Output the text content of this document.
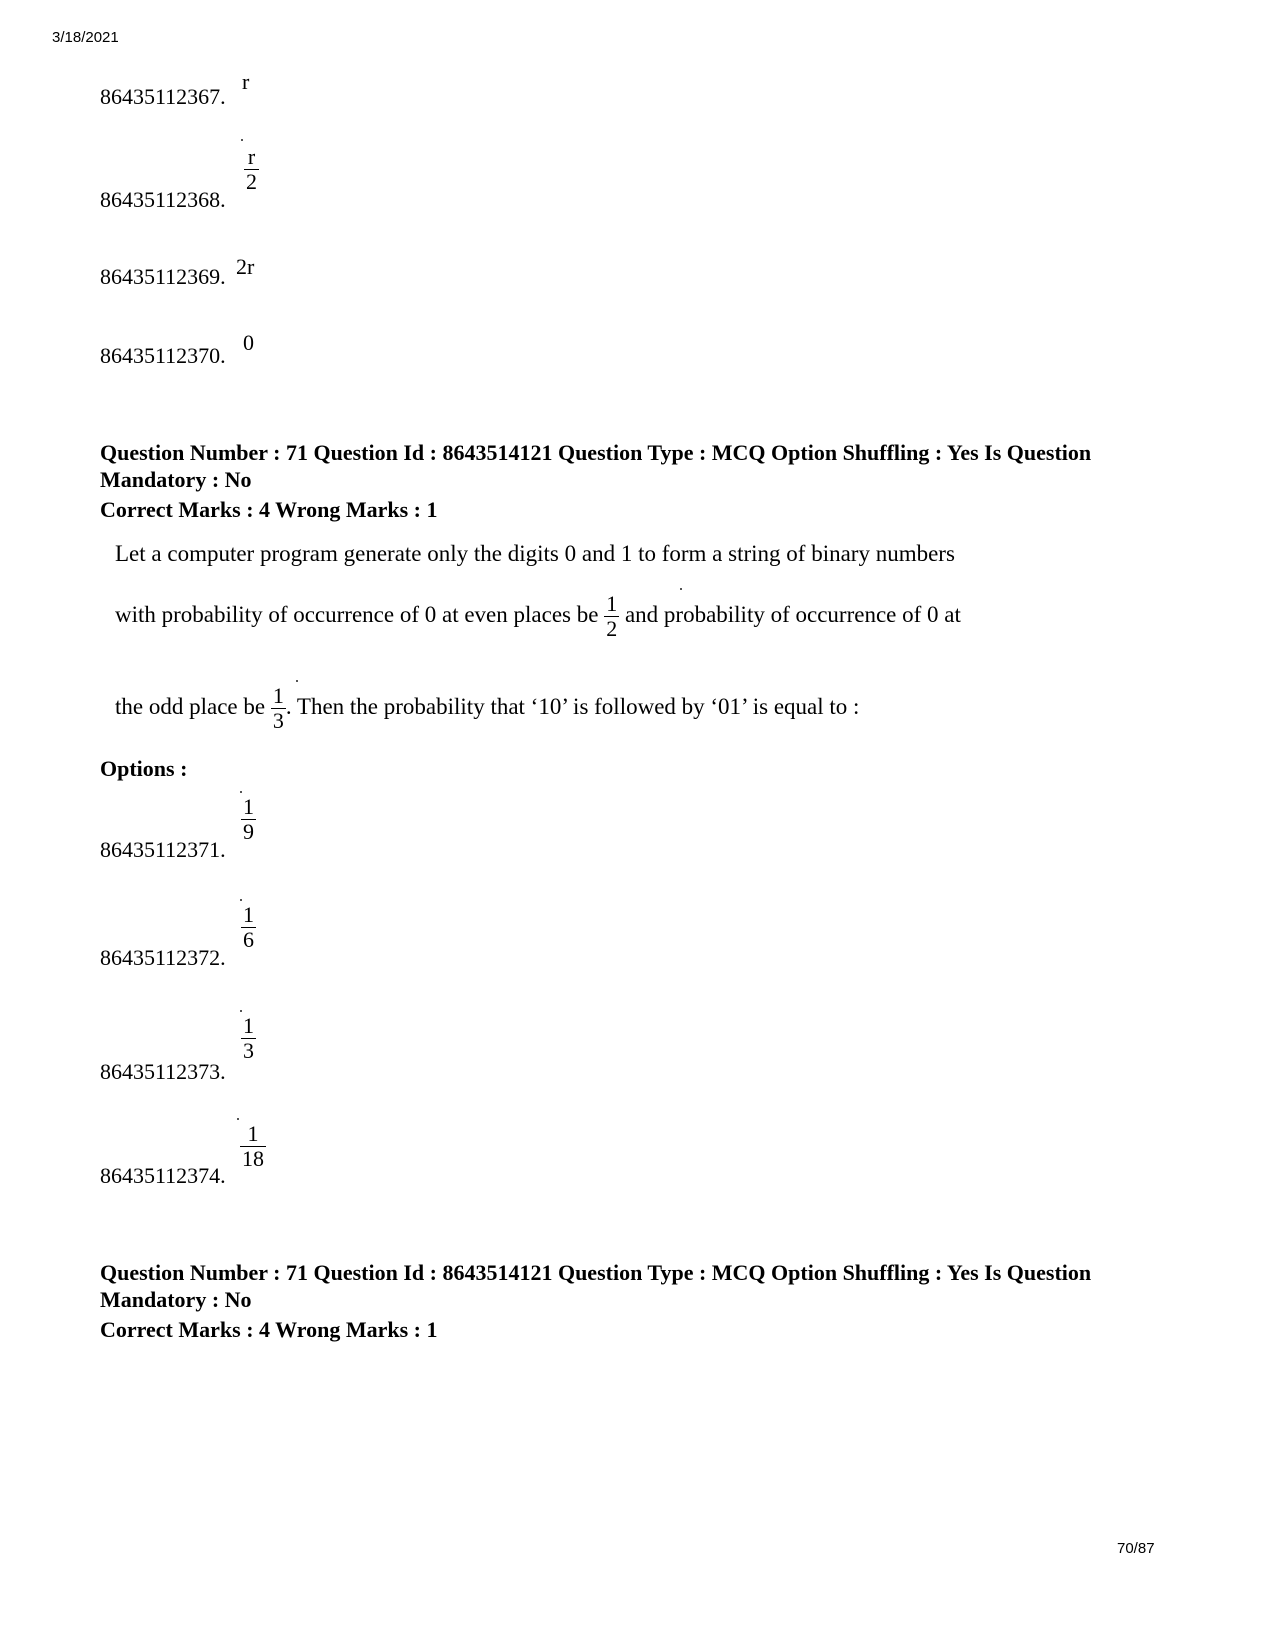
3/18/2021
86435112367.
r
86435112368.
r
2
86435112369. 2r
86435112370.
0
Question Number : 71 Question Id : 8643514121 Question Type : MCQ Option Shuffling : Yes Is Question
Mandatory : No
Correct Marks : 4 Wrong Marks : 1
Let a computer program generate only the digits 0 and 1 to form a string of binary numbers
with probability of occurrence of 0 at even places be $\frac{1}{2}$ and probability of occurrence of 0 at
the odd place be $\frac{1}{3}$ . Then the probability that ‘10’ is followed by ‘01’ is equal to :
Options :
86435112371.
1
9
86435112372.
1
6
86435112373.
1
3
86435112374.
1
18
Question Number : 71 Question Id : 8643514121 Question Type : MCQ Option Shuffling : Yes Is Question
Mandatory : No
Correct Marks : 4 Wrong Marks : 1
70/87
